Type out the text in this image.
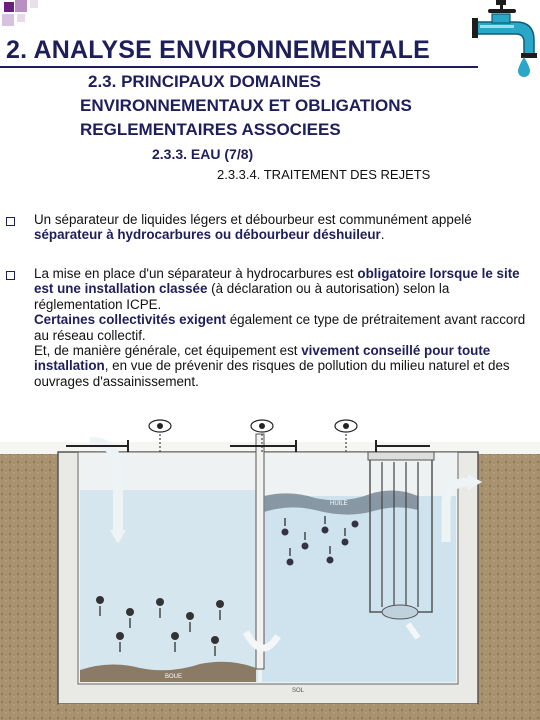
2. ANALYSE ENVIRONNEMENTALE
2.3. PRINCIPAUX DOMAINES
ENVIRONNEMENTAUX ET OBLIGATIONS
REGLEMENTAIRES ASSOCIEES
2.3.3. EAU (7/8)
2.3.3.4. TRAITEMENT DES REJETS

Un séparateur de liquides légers et débourbeur est communément appelé séparateur à hydrocarbures ou débourbeur déshuileur.

La mise en place d'un séparateur à hydrocarbures est obligatoire lorsque le site est une installation classée (à déclaration ou à autorisation) selon la réglementation ICPE.

Certaines collectivités exigent également ce type de prétraitement avant raccord au réseau collectif.

Et, de manière générale, cet équipement est vivement conseillé pour toute installation, en vue de prévenir des risques de pollution du milieu naturel et des ouvrages d'assainissement.

HUILE
BOUE
SOL
